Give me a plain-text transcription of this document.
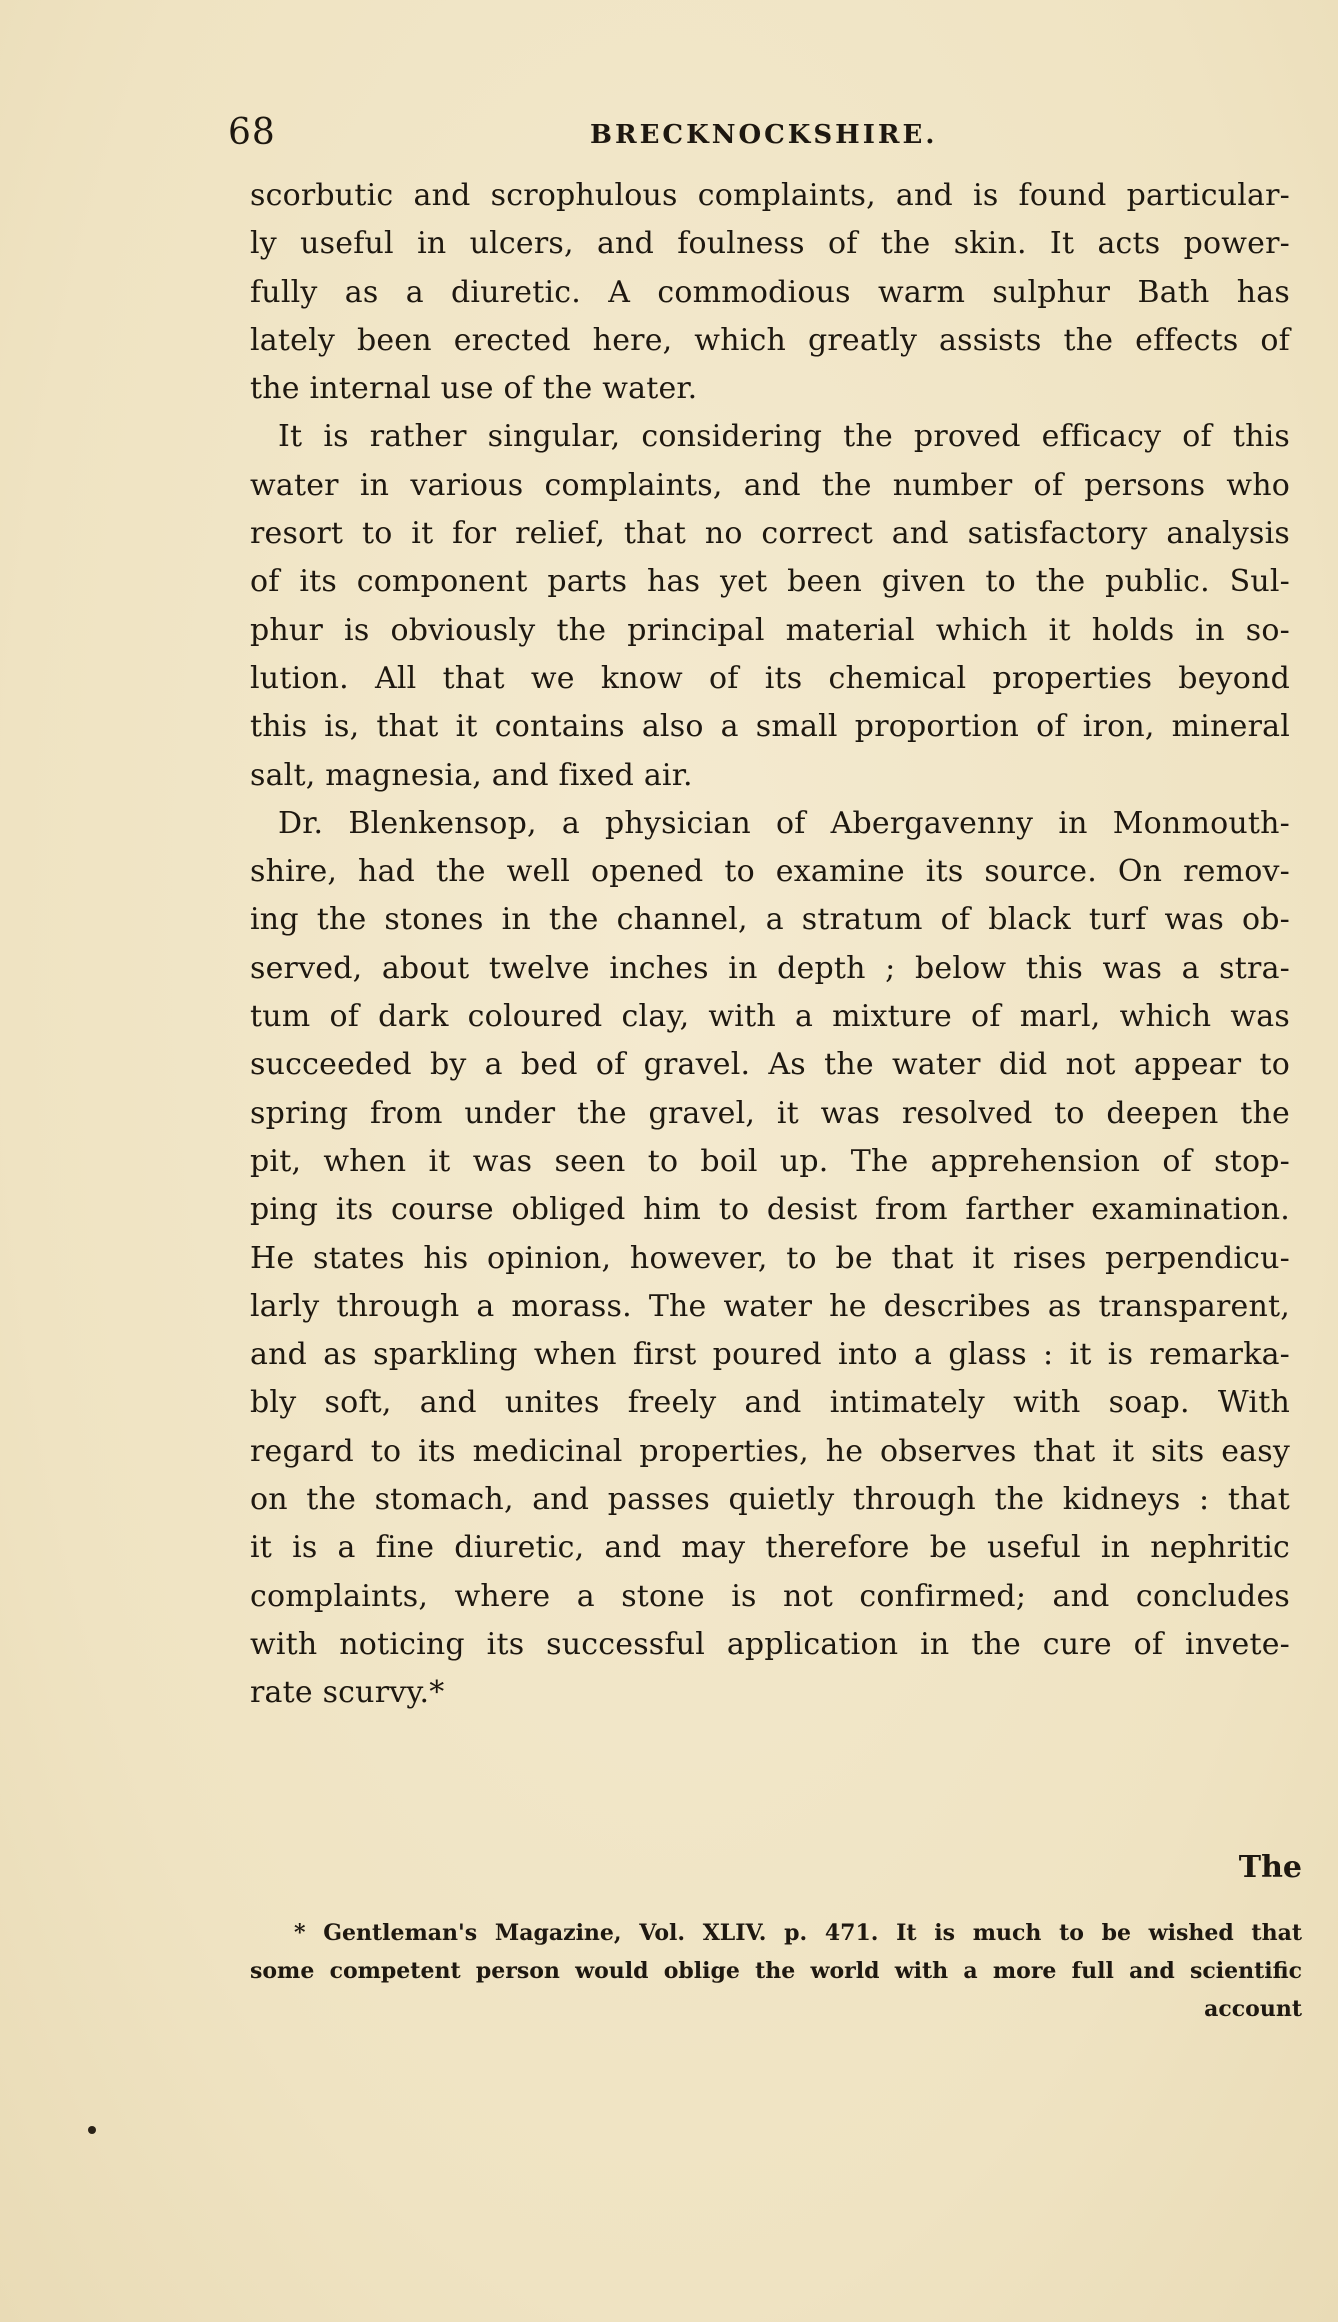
68	BRECKNOCKSHIRE.
scorbutic and scrophulous complaints, and is found particular-
ly useful in ulcers, and foulness of the skin. It acts power-
fully as a diuretic. A commodious warm sulphur Bath has
lately been erected here, which greatly assists the effects of
the internal use of the water.
It is rather singular, considering the proved efficacy of this
water in various complaints, and the number of persons who
resort to it for relief, that no correct and satisfactory analysis
of its component parts has yet been given to the public. Sul-
phur is obviously the principal material which it holds in so-
lution. All that we know of its chemical properties beyond
this is, that it contains also a small proportion of iron, mineral
salt, magnesia, and fixed air.
Dr. Blenkensop, a physician of Abergavenny in Monmouth-
shire, had the well opened to examine its source. On remov-
ing the stones in the channel, a stratum of black turf was ob-
served, about twelve inches in depth ; below this was a stra-
tum of dark coloured clay, with a mixture of marl, which was
succeeded by a bed of gravel. As the water did not appear to
spring from under the gravel, it was resolved to deepen the
pit, when it was seen to boil up. The apprehension of stop-
ping its course obliged him to desist from farther examination.
He states his opinion, however, to be that it rises perpendicu-
larly through a morass. The water he describes as transparent,
and as sparkling when first poured into a glass : it is remarka-
bly soft, and unites freely and intimately with soap. With
regard to its medicinal properties, he observes that it sits easy
on the stomach, and passes quietly through the kidneys : that
it is a fine diuretic, and may therefore be useful in nephritic
complaints, where a stone is not confirmed; and concludes
with noticing its successful application in the cure of invete-
rate scurvy.*
The
* Gentleman's Magazine, Vol. XLIV. p. 471. It is much to be wished that
some competent person would oblige the world with a more full and scientific
account
